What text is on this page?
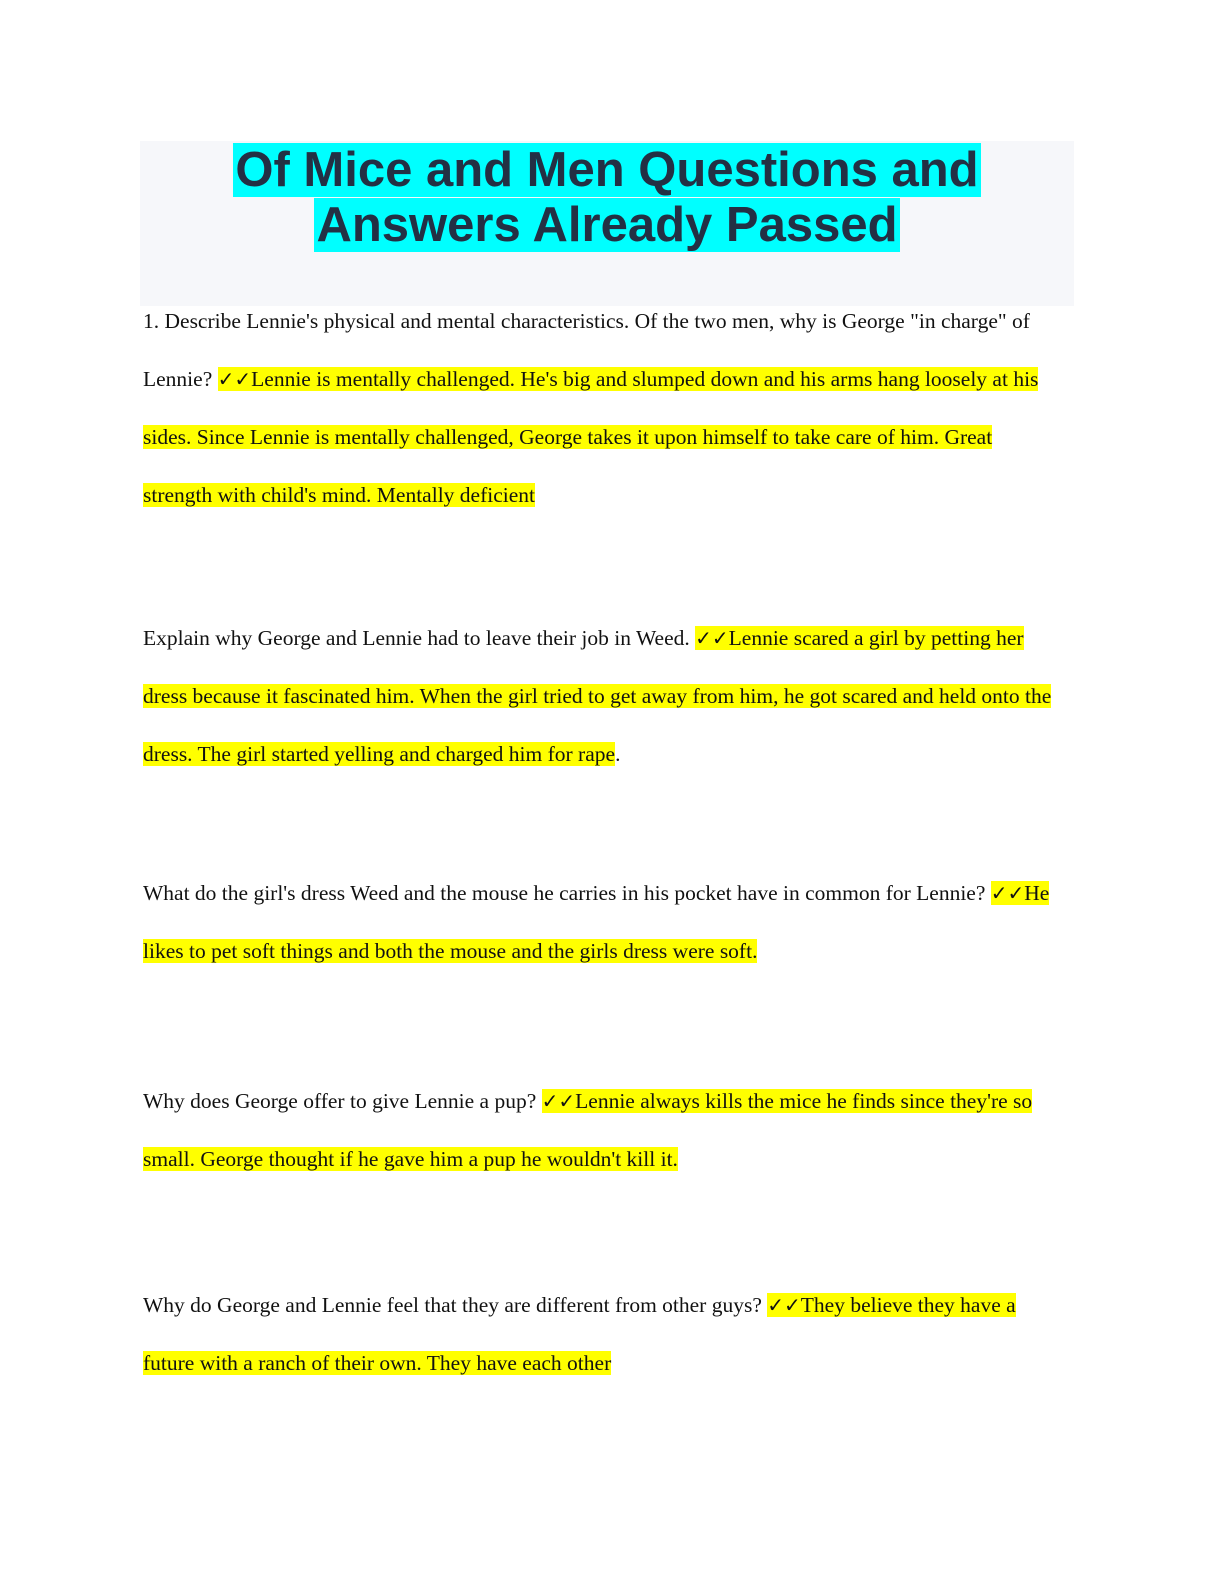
Of Mice and Men Questions and
Answers Already Passed

1. Describe Lennie's physical and mental characteristics. Of the two men, why is George "in charge" of Lennie? ✓✓Lennie is mentally challenged. He's big and slumped down and his arms hang loosely at his sides. Since Lennie is mentally challenged, George takes it upon himself to take care of him. Great strength with child's mind. Mentally deficient

Explain why George and Lennie had to leave their job in Weed. ✓✓Lennie scared a girl by petting her dress because it fascinated him. When the girl tried to get away from him, he got scared and held onto the dress. The girl started yelling and charged him for rape.

What do the girl's dress Weed and the mouse he carries in his pocket have in common for Lennie? ✓✓He likes to pet soft things and both the mouse and the girls dress were soft.

Why does George offer to give Lennie a pup? ✓✓Lennie always kills the mice he finds since they're so small. George thought if he gave him a pup he wouldn't kill it.

Why do George and Lennie feel that they are different from other guys? ✓✓They believe they have a future with a ranch of their own. They have each other
